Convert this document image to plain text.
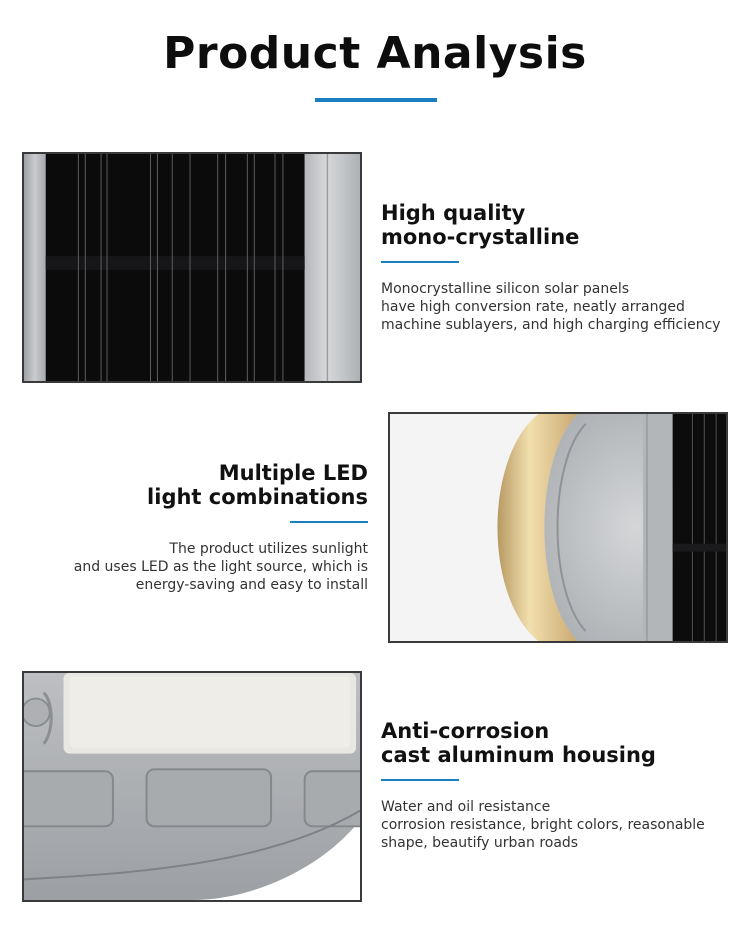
Product Analysis
High quality
mono-crystalline

Monocrystalline silicon solar panels
have high conversion rate, neatly arranged
machine sublayers, and high charging efficiency

Multiple LED
light combinations

The product utilizes sunlight
and uses LED as the light source, which is
energy-saving and easy to install

Anti-corrosion
cast aluminum housing

Water and oil resistance
corrosion resistance, bright colors, reasonable
shape, beautify urban roads
